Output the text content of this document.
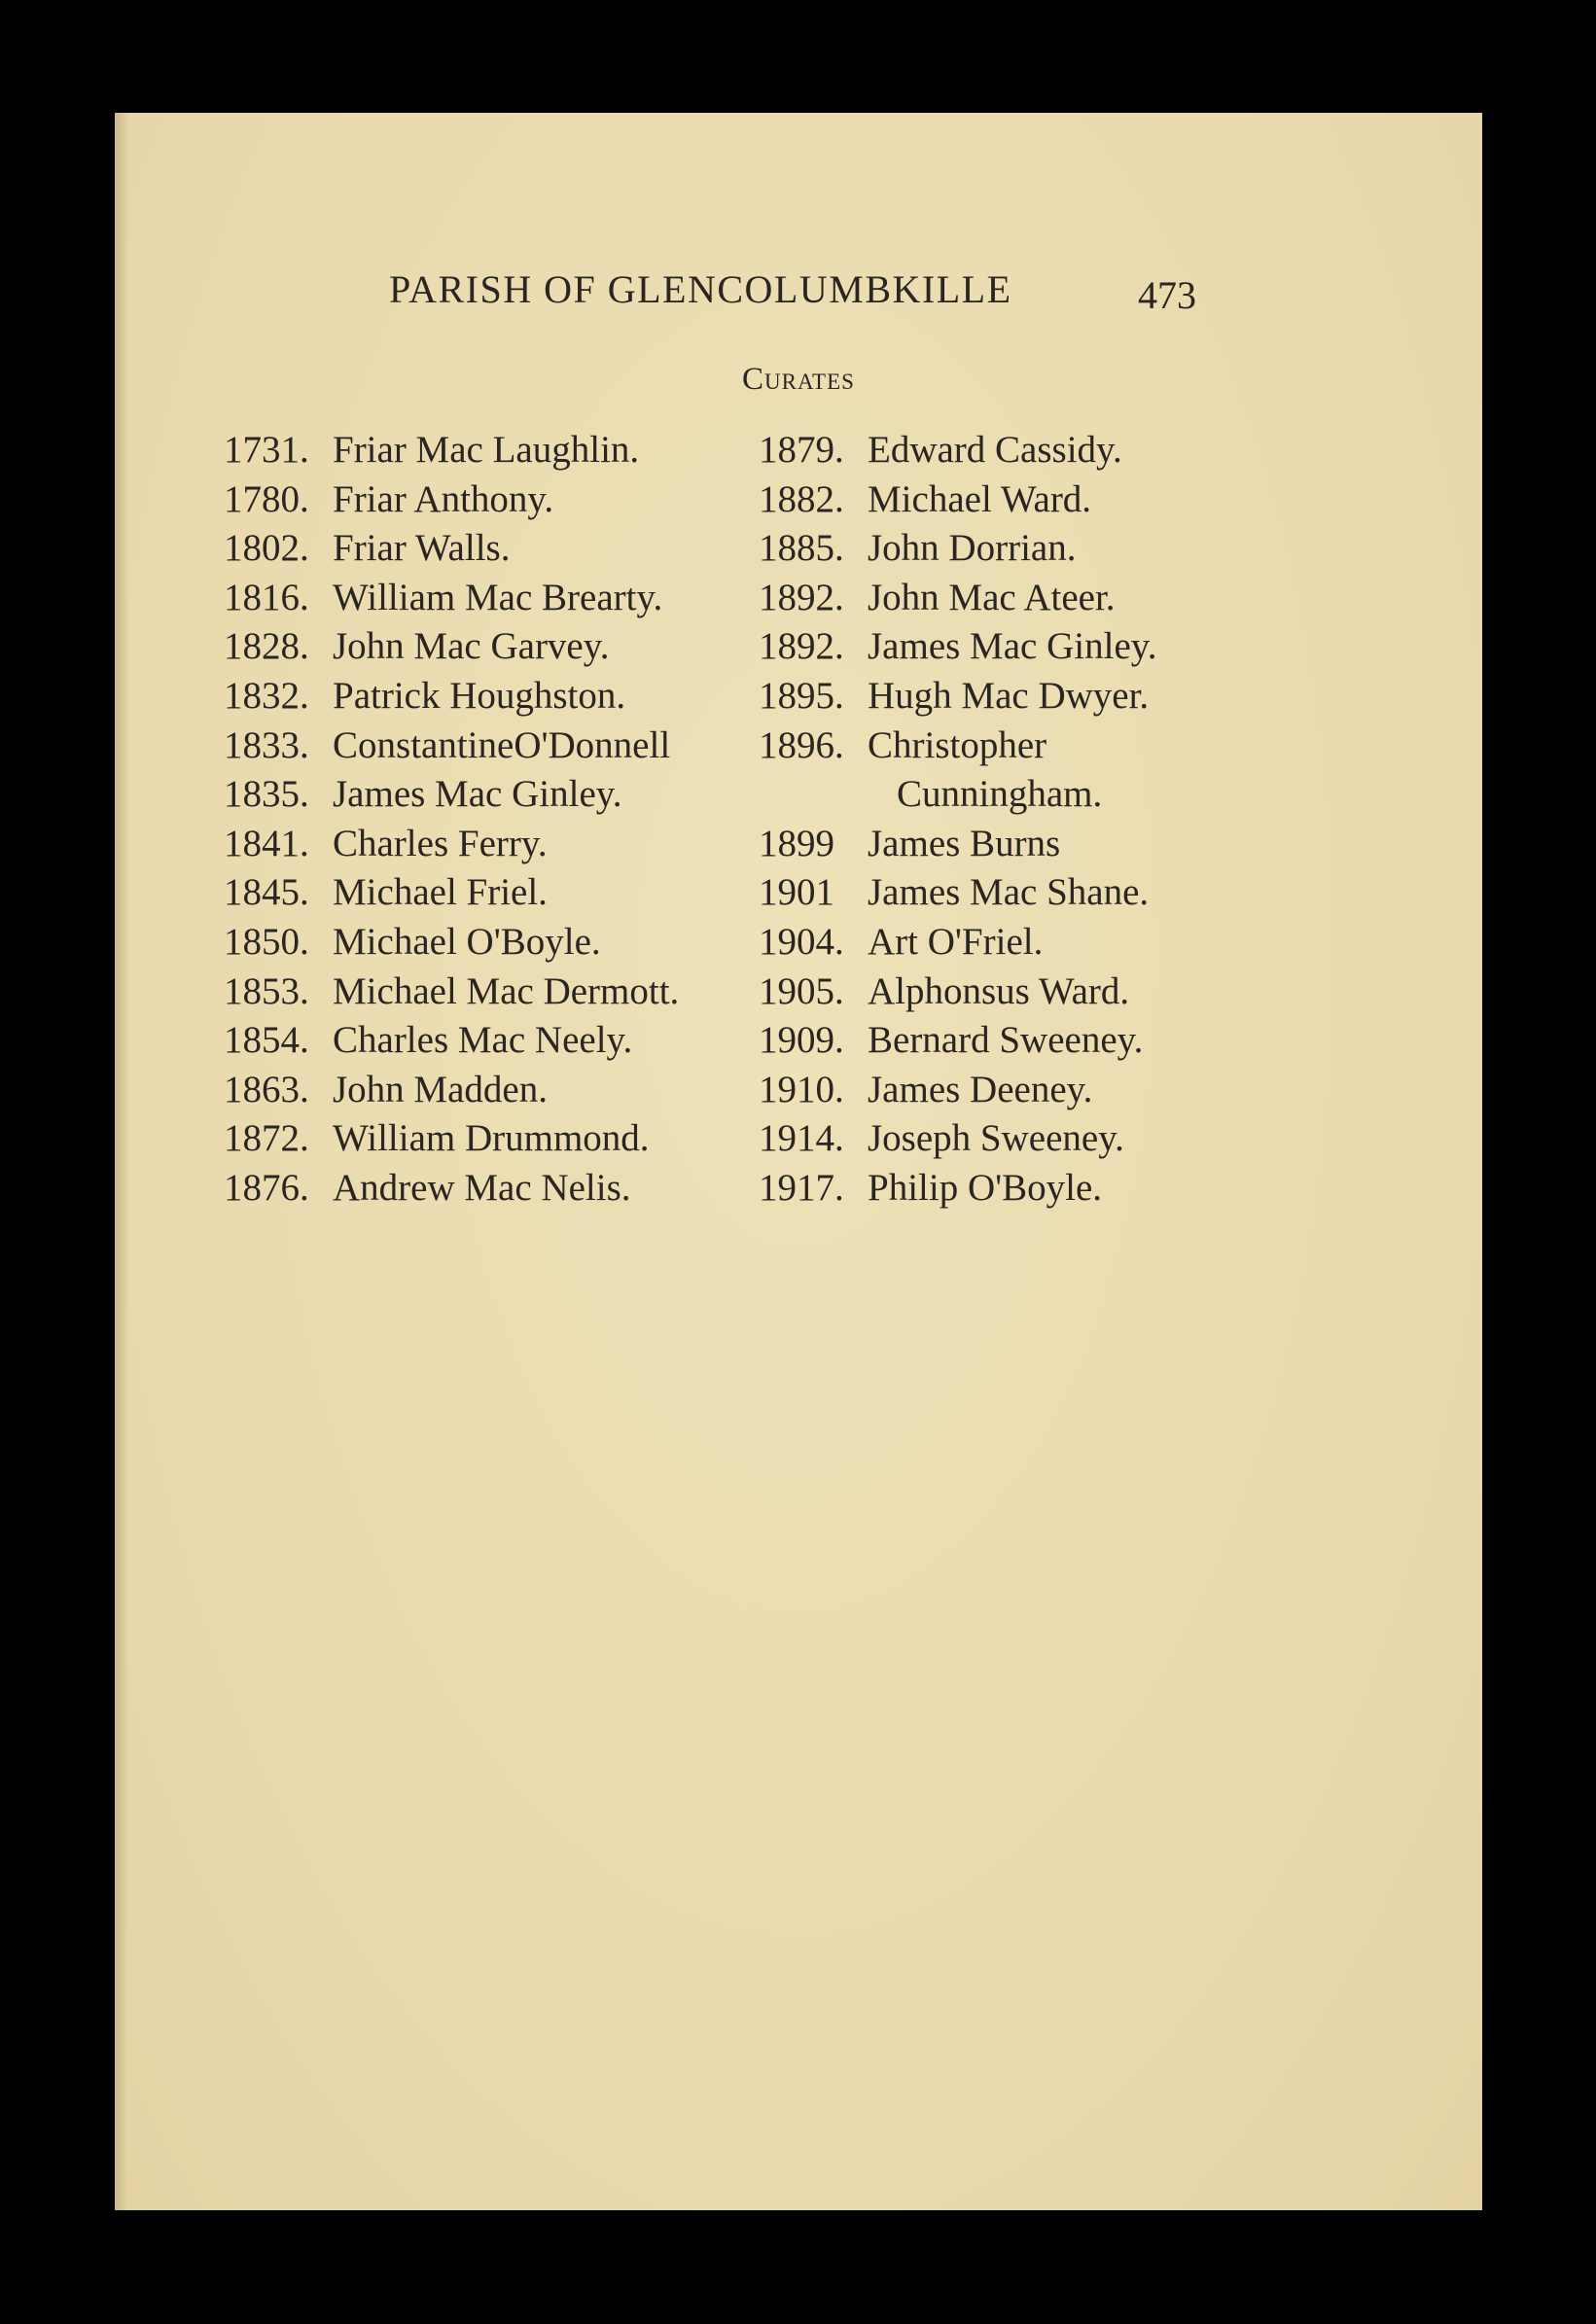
PARISH OF GLENCOLUMBKILLE	473
Curates
1731. Friar Mac Laughlin.
1780. Friar Anthony.
1802. Friar Walls.
1816. William Mac Brearty.
1828. John Mac Garvey.
1832. Patrick Houghston.
1833. ConstantineO'Donnell
1835. James Mac Ginley.
1841. Charles Ferry.
1845. Michael Friel.
1850. Michael O'Boyle.
1853. Michael Mac Dermott.
1854. Charles Mac Neely.
1863. John Madden.
1872. William Drummond.
1876. Andrew Mac Nelis.
1879. Edward Cassidy.
1882. Michael Ward.
1885. John Dorrian.
1892. John Mac Ateer.
1892. James Mac Ginley.
1895. Hugh Mac Dwyer.
1896. Christopher
Cunningham.
1899 James Burns
1901 James Mac Shane.
1904. Art O'Friel.
1905. Alphonsus Ward.
1909. Bernard Sweeney.
1910. James Deeney.
1914. Joseph Sweeney.
1917. Philip O'Boyle.
